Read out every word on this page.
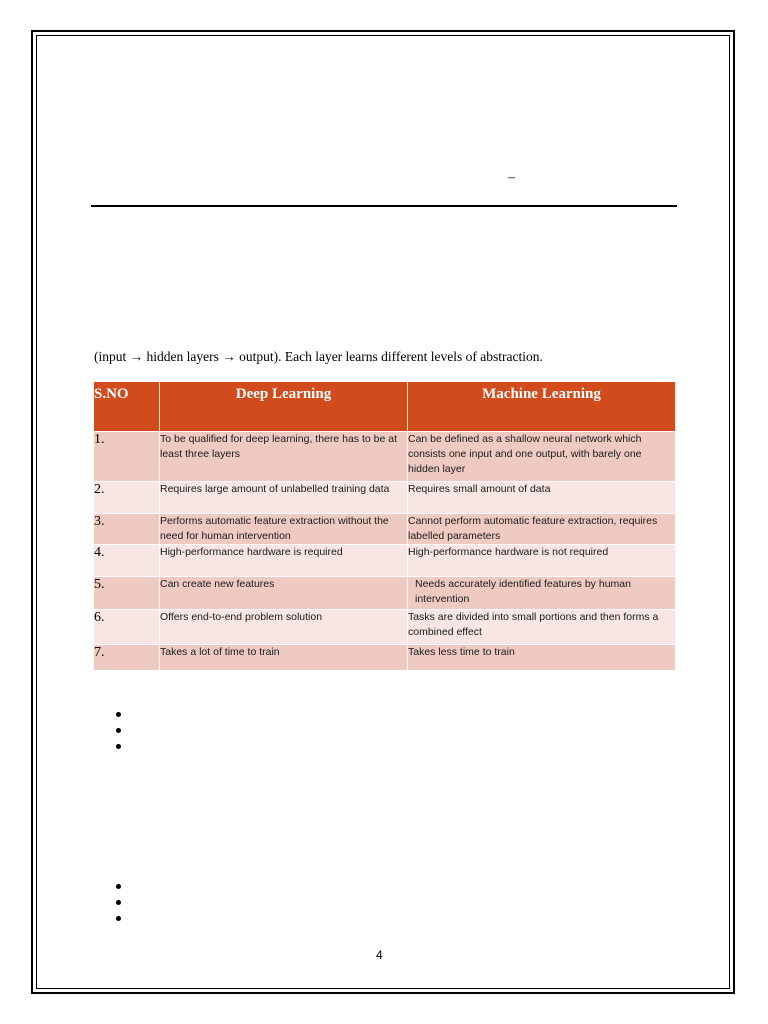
–
(input → hidden layers → output). Each layer learns different levels of abstraction.
S.NO	Deep Learning	Machine Learning
1.	To be qualified for deep learning, there has to be at least three layers	Can be defined as a shallow neural network which consists one input and one output, with barely one hidden layer
2.	Requires large amount of unlabelled training data	Requires small amount of data
3.	Performs automatic feature extraction without the need for human intervention	Cannot perform automatic feature extraction, requires labelled parameters
4.	High-performance hardware is required	High-performance hardware is not required
5.	Can create new features	Needs accurately identified features by human intervention
6.	Offers end-to-end problem solution	Tasks are divided into small portions and then forms a combined effect
7.	Takes a lot of time to train	Takes less time to train
4
